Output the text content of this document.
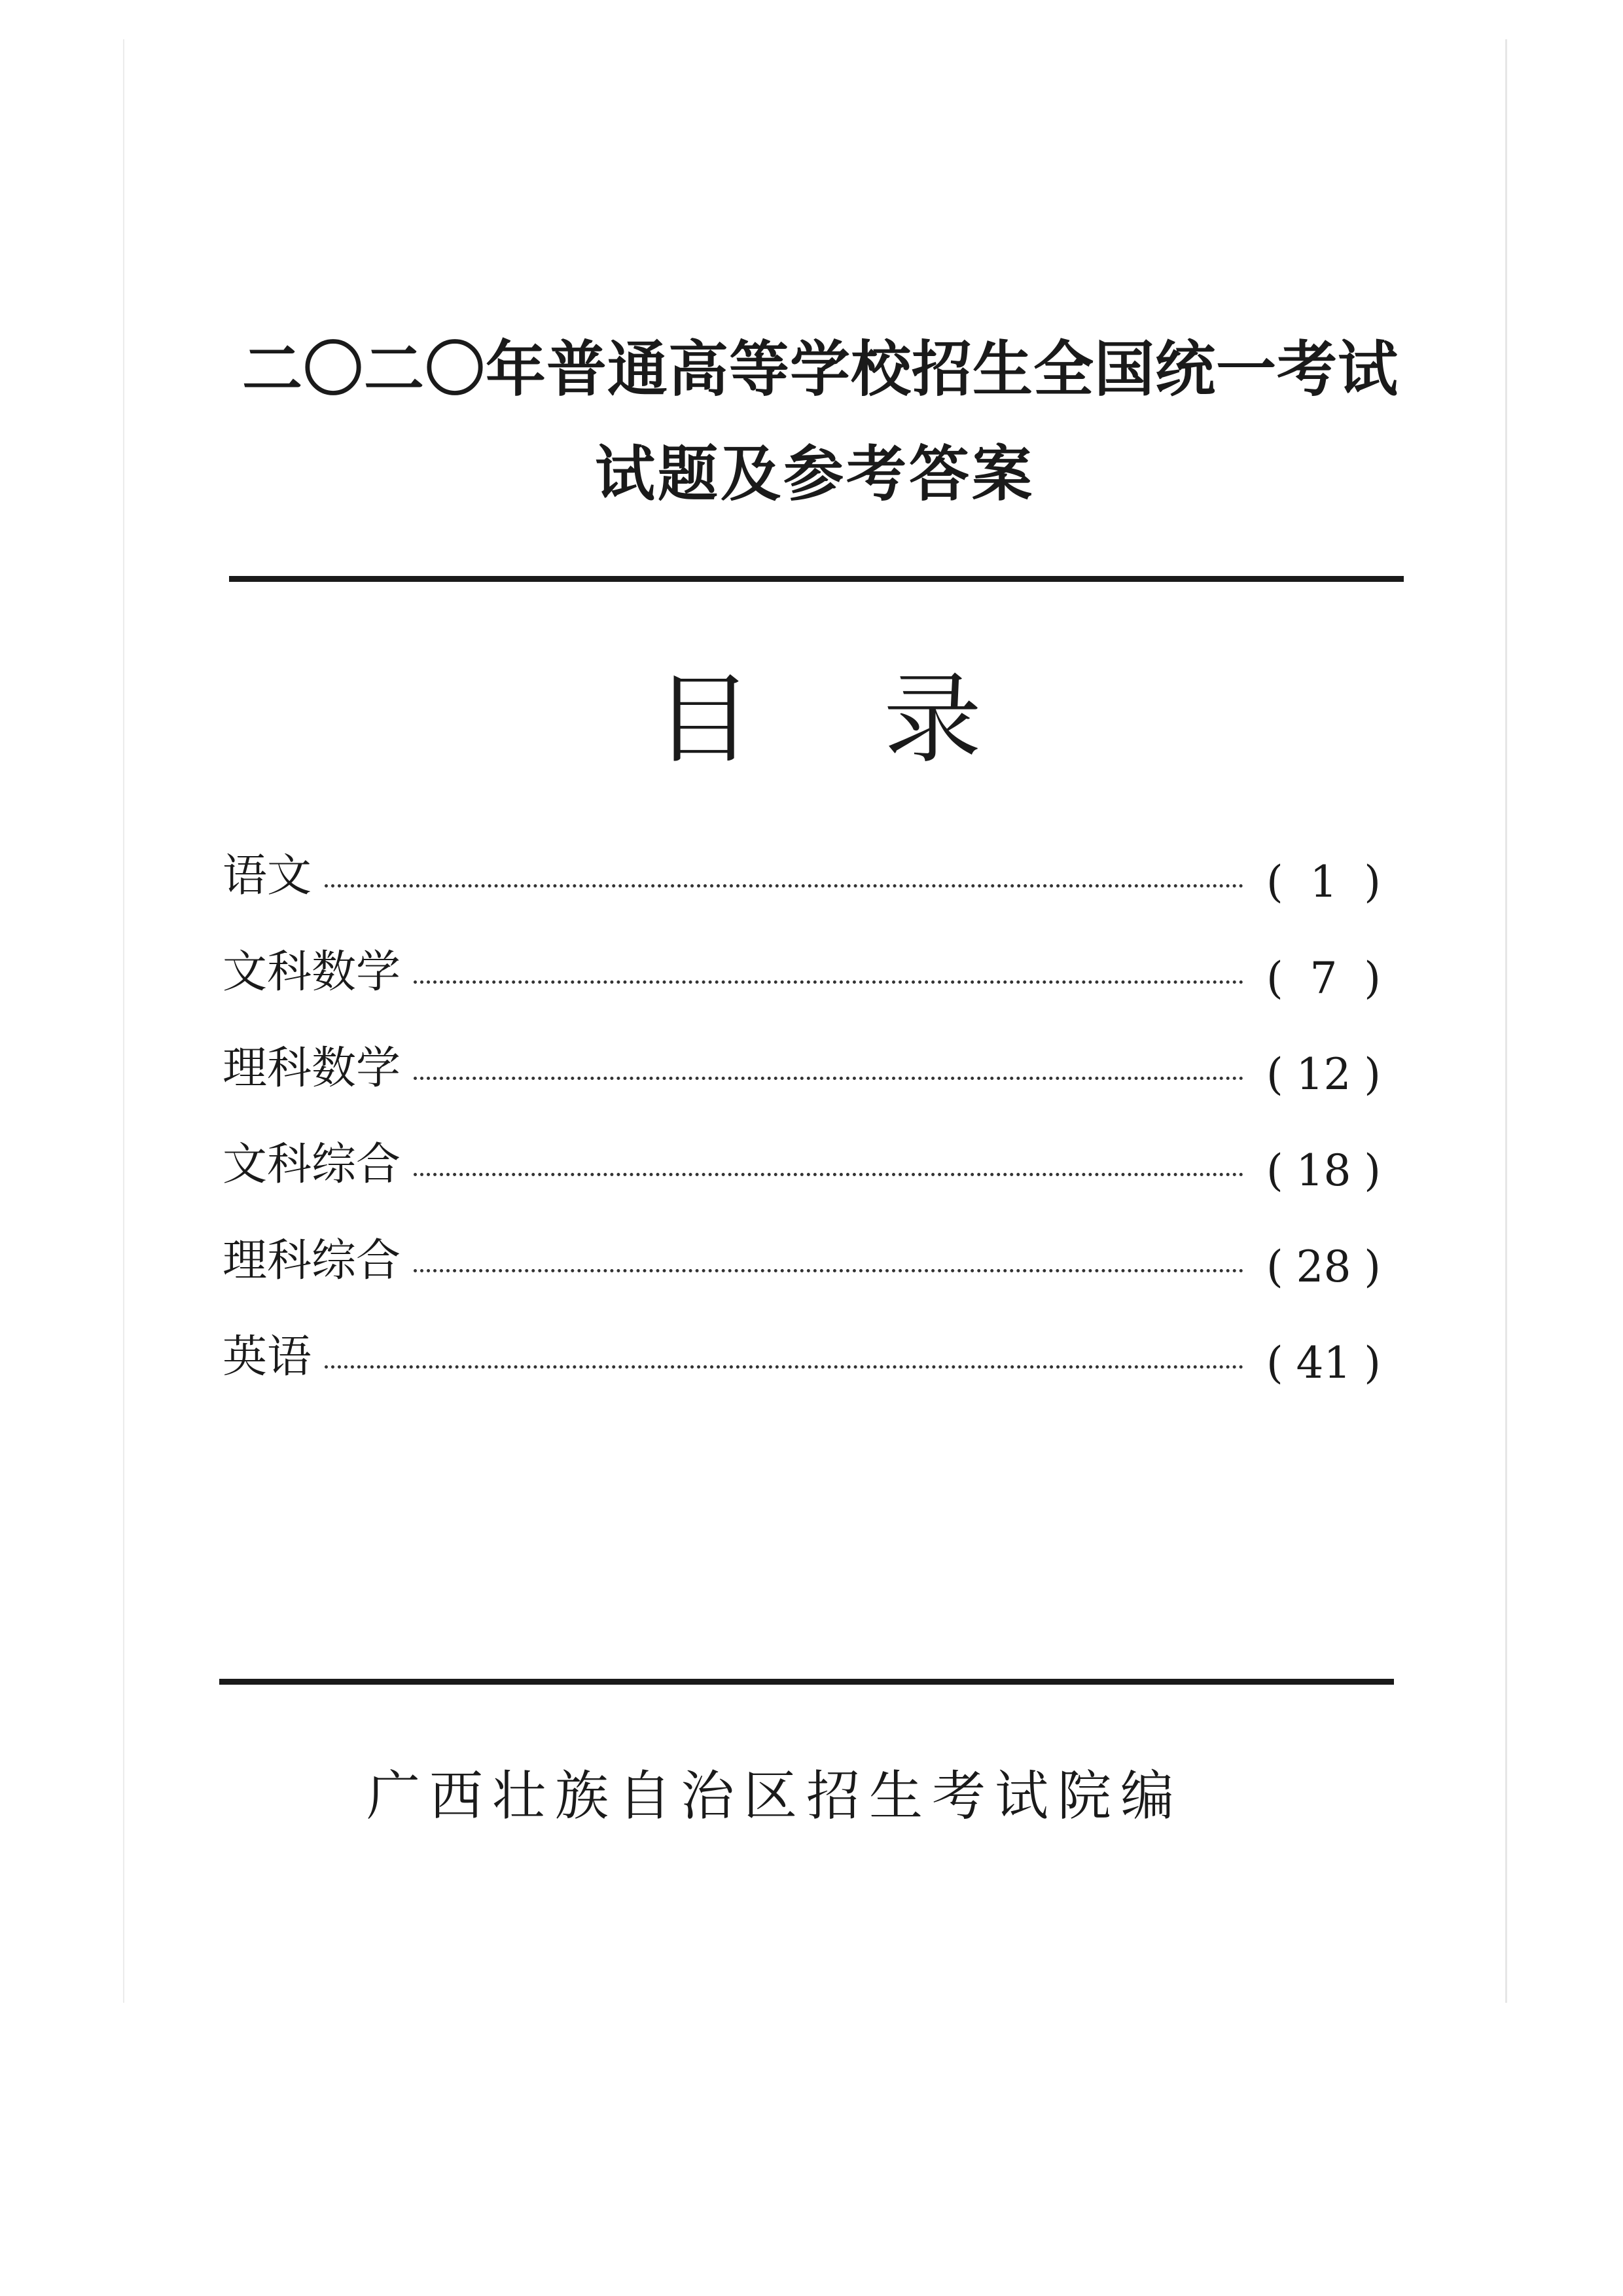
二〇二〇年普通高等学校招生全国统一考试
试题及参考答案
目录
语文	( 1 )
文科数学	( 7 )
理科数学	( 12 )
文科综合	( 18 )
理科综合	( 28 )
英语	( 41 )
广西壮族自治区招生考试院编
